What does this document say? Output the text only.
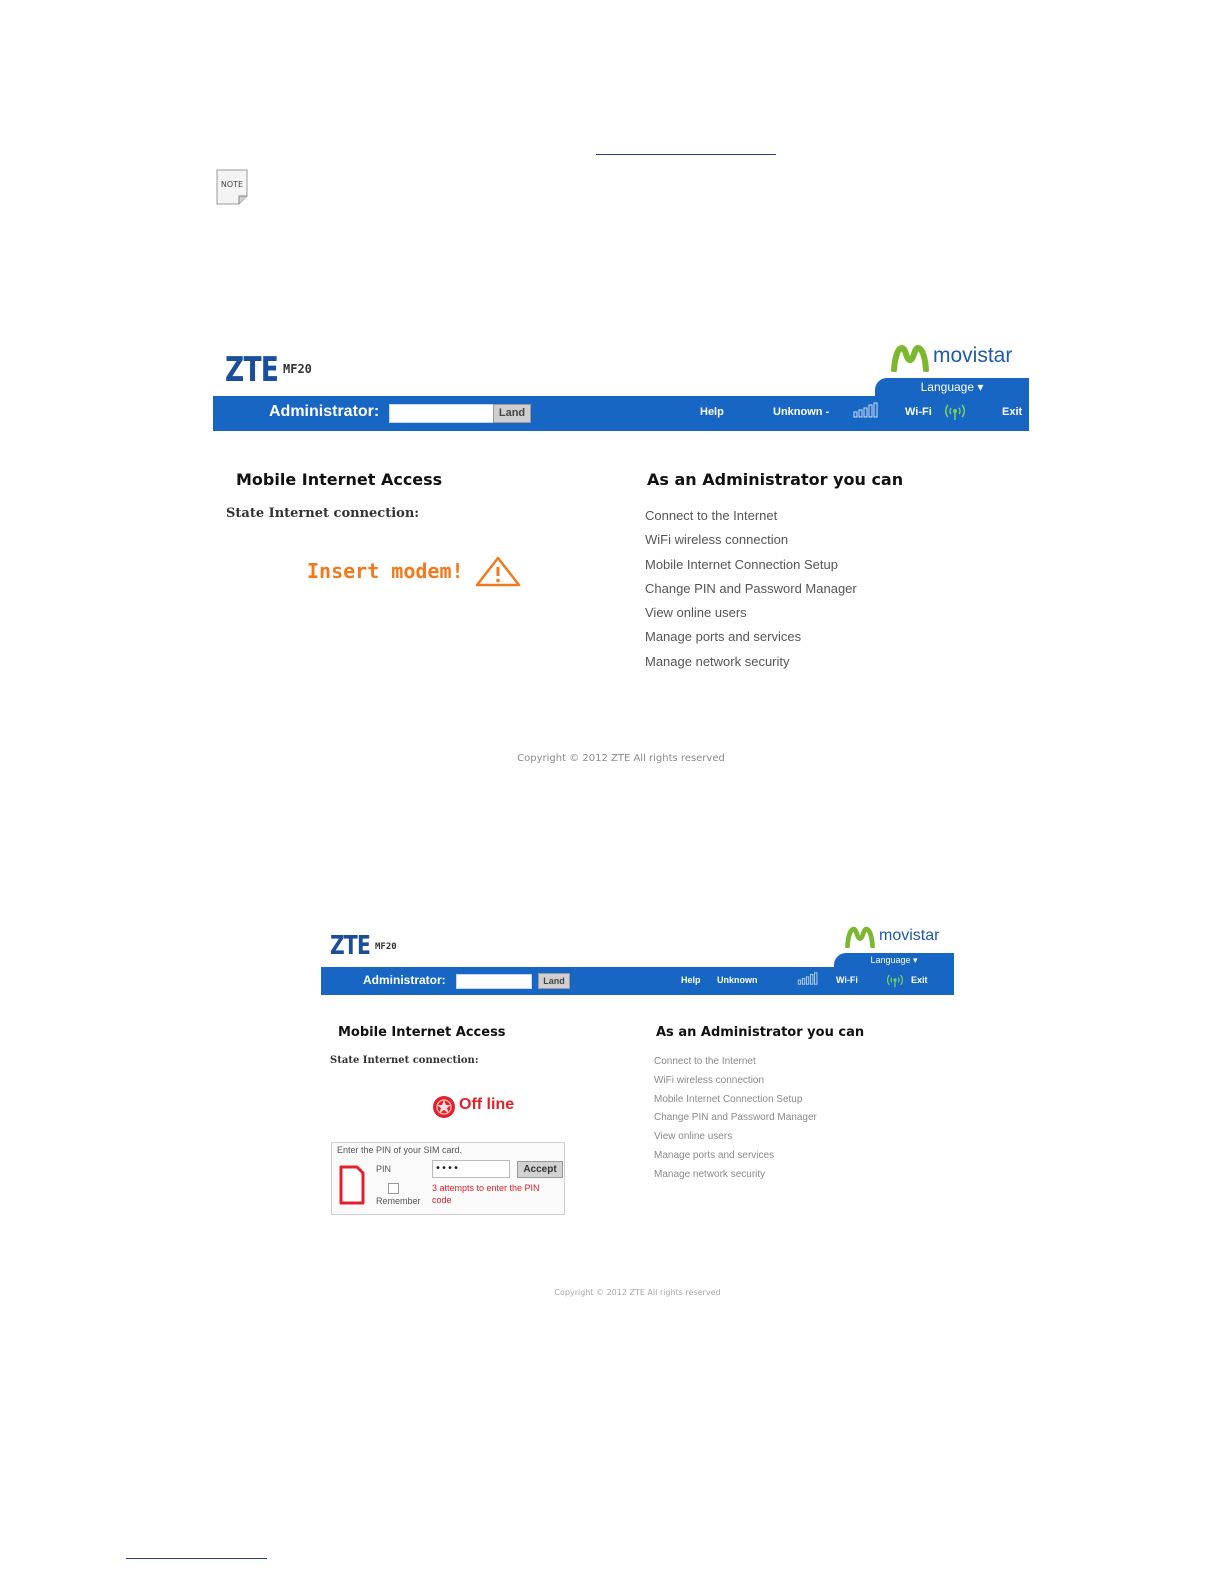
NOTE
ZTE MF20
movistar
Language ▾
Administrator:	Land	Help	Unknown -	Wi-Fi	Exit
Mobile Internet Access
State Internet connection:
Insert modem!
As an Administrator you can
Connect to the Internet
WiFi wireless connection
Mobile Internet Connection Setup
Change PIN and Password Manager
View online users
Manage ports and services
Manage network security
Copyright © 2012 ZTE All rights reserved
ZTE MF20
movistar
Language ▾
Administrator:	Land	Help Unknown	Wi-Fi	Exit
Mobile Internet Access
State Internet connection:
Off line
Enter the PIN of your SIM card.
PIN	••••	Accept
Remember
3 attempts to enter the PIN
code
As an Administrator you can
Connect to the Internet
WiFi wireless connection
Mobile Internet Connection Setup
Change PIN and Password Manager
View online users
Manage ports and services
Manage network security
Copyright © 2012 ZTE All rights reserved
